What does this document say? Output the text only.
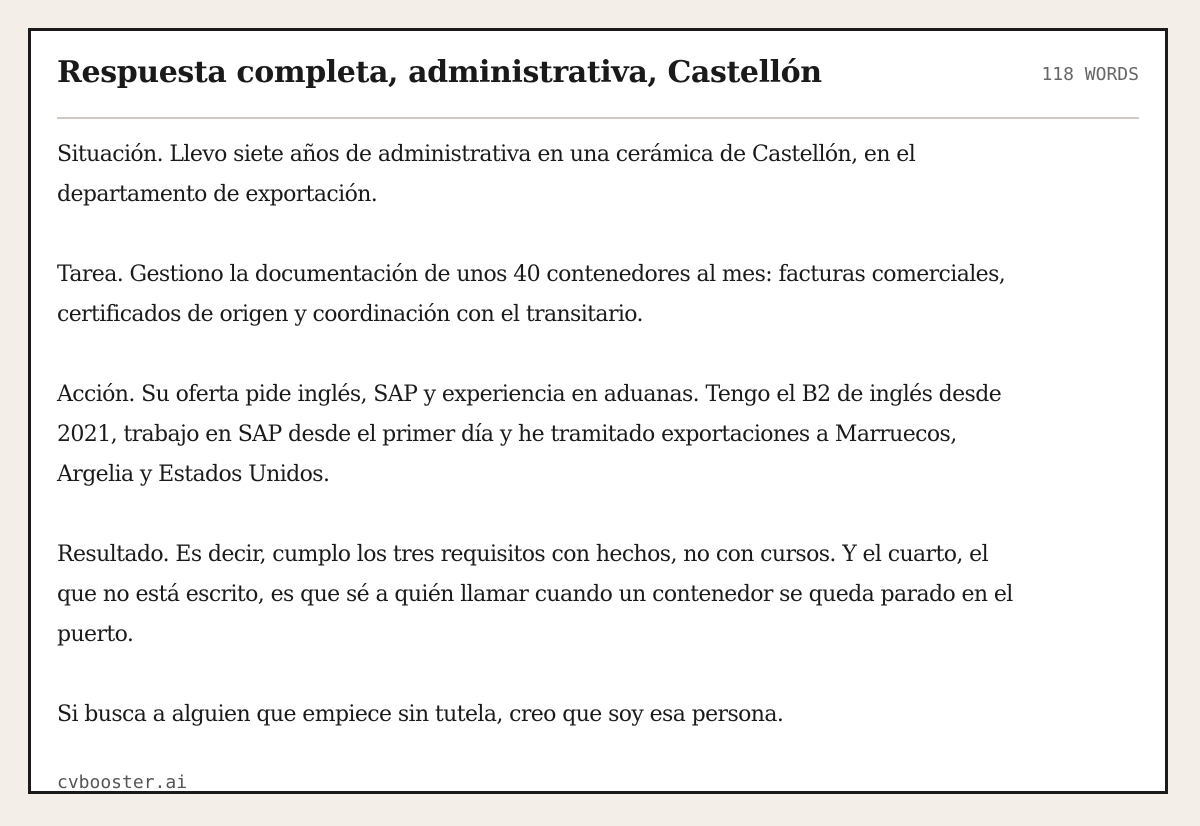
Respuesta completa, administrativa, Castellón	118 WORDS

Situación. Llevo siete años de administrativa en una cerámica de Castellón, en el departamento de exportación.

Tarea. Gestiono la documentación de unos 40 contenedores al mes: facturas comerciales, certificados de origen y coordinación con el transitario.

Acción. Su oferta pide inglés, SAP y experiencia en aduanas. Tengo el B2 de inglés desde 2021, trabajo en SAP desde el primer día y he tramitado exportaciones a Marruecos, Argelia y Estados Unidos.

Resultado. Es decir, cumplo los tres requisitos con hechos, no con cursos. Y el cuarto, el que no está escrito, es que sé a quién llamar cuando un contenedor se queda parado en el puerto.

Si busca a alguien que empiece sin tutela, creo que soy esa persona.

cvbooster.ai
